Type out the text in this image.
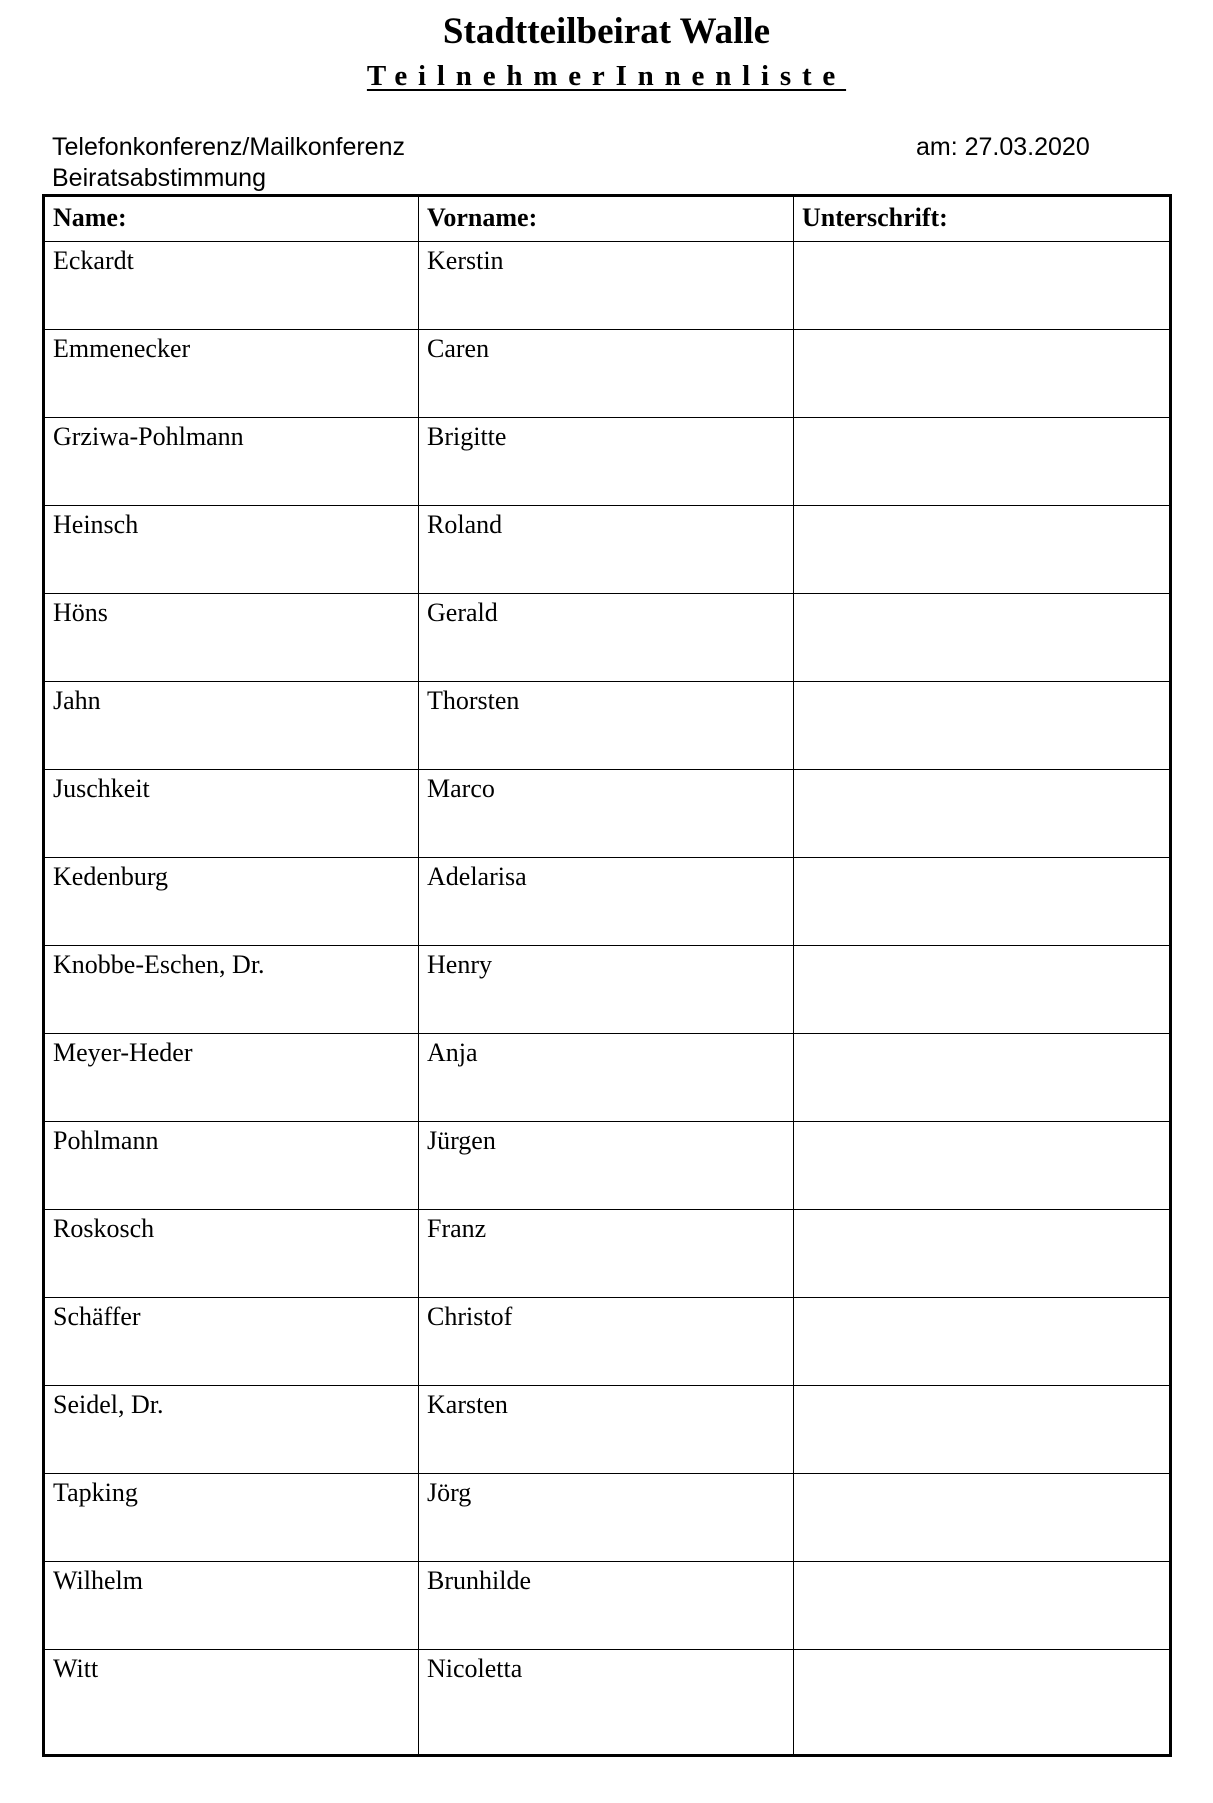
Stadtteilbeirat Walle
TeilnehmerInnenliste
Telefonkonferenz/Mailkonferenz
Beiratsabstimmung
am: 27.03.2020
Name:	Vorname:	Unterschrift:
Eckardt	Kerstin	
Emmenecker	Caren	
Grziwa-Pohlmann	Brigitte	
Heinsch	Roland	
Höns	Gerald	
Jahn	Thorsten	
Juschkeit	Marco	
Kedenburg	Adelarisa	
Knobbe-Eschen, Dr.	Henry	
Meyer-Heder	Anja	
Pohlmann	Jürgen	
Roskosch	Franz	
Schäffer	Christof	
Seidel, Dr.	Karsten	
Tapking	Jörg	
Wilhelm	Brunhilde	
Witt	Nicoletta	
